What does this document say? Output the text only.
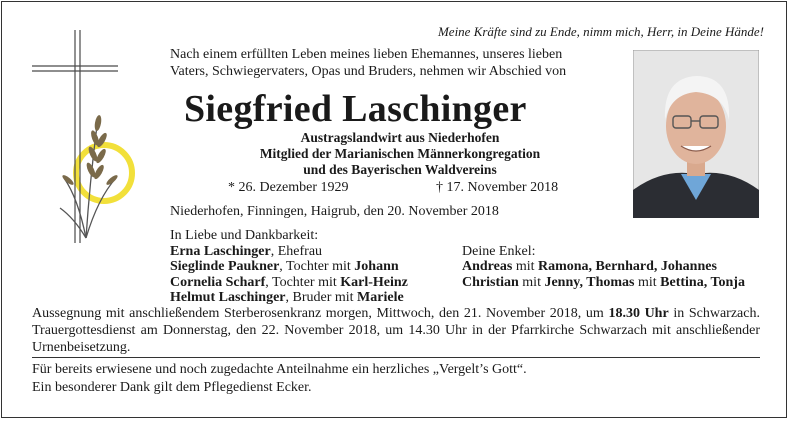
Meine Kräfte sind zu Ende, nimm mich, Herr, in Deine Hände!
Nach einem erfüllten Leben meines lieben Ehemannes, unseres lieben
Vaters, Schwiegervaters, Opas und Bruders, nehmen wir Abschied von
Siegfried Laschinger
Austragslandwirt aus Niederhofen
Mitglied der Marianischen Männerkongregation
und des Bayerischen Waldvereins
* 26. Dezember 1929	† 17. November 2018
Niederhofen, Finningen, Haigrub, den 20. November 2018
In Liebe und Dankbarkeit:
Erna Laschinger, Ehefrau
Sieglinde Paukner, Tochter mit Johann
Cornelia Scharf, Tochter mit Karl-Heinz
Helmut Laschinger, Bruder mit Mariele
Deine Enkel:
Andreas mit Ramona, Bernhard, Johannes
Christian mit Jenny, Thomas mit Bettina, Tonja

Aussegnung mit anschließendem Sterberosenkranz morgen, Mittwoch, den 21. November 2018, um 18.30 Uhr in Schwarzach. Trauergottesdienst am Donnerstag, den 22. November 2018, um 14.30 Uhr in der Pfarrkirche Schwarzach mit anschließender Urnenbeisetzung.

Für bereits erwiesene und noch zugedachte Anteilnahme ein herzliches „Vergelt’s Gott“.
Ein besonderer Dank gilt dem Pflegedienst Ecker.
